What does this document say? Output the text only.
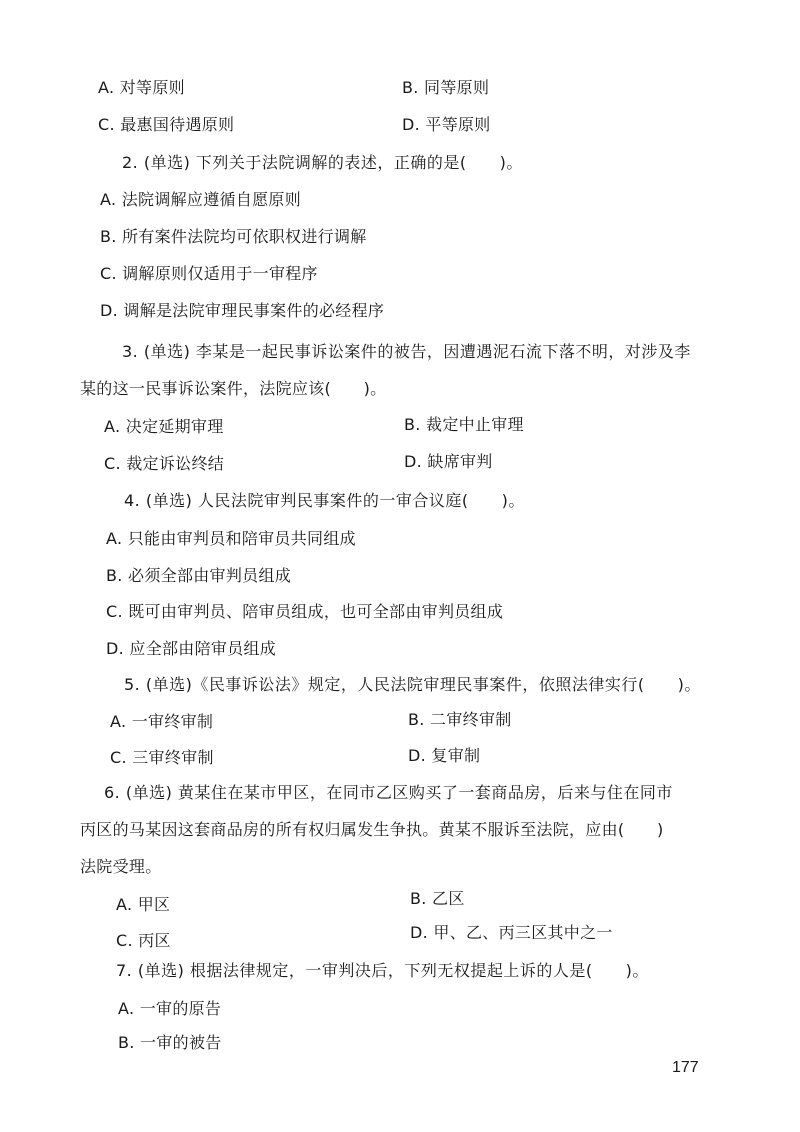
A. 对等原则	B. 同等原则
C. 最惠国待遇原则	D. 平等原则
2. (单选) 下列关于法院调解的表述，正确的是(　　)。
A. 法院调解应遵循自愿原则
B. 所有案件法院均可依职权进行调解
C. 调解原则仅适用于一审程序
D. 调解是法院审理民事案件的必经程序
3. (单选) 李某是一起民事诉讼案件的被告，因遭遇泥石流下落不明，对涉及李
某的这一民事诉讼案件，法院应该(　　)。
A. 决定延期审理	B. 裁定中止审理
C. 裁定诉讼终结	D. 缺席审判
4. (单选) 人民法院审判民事案件的一审合议庭(　　)。
A. 只能由审判员和陪审员共同组成
B. 必须全部由审判员组成
C. 既可由审判员、陪审员组成，也可全部由审判员组成
D. 应全部由陪审员组成
5. (单选)《民事诉讼法》规定，人民法院审理民事案件，依照法律实行(　　)。
A. 一审终审制	B. 二审终审制
C. 三审终审制	D. 复审制
6. (单选) 黄某住在某市甲区，在同市乙区购买了一套商品房，后来与住在同市
丙区的马某因这套商品房的所有权归属发生争执。黄某不服诉至法院，应由(　　)
法院受理。
A. 甲区	B. 乙区
C. 丙区	D. 甲、乙、丙三区其中之一
7. (单选) 根据法律规定，一审判决后，下列无权提起上诉的人是(　　)。
A. 一审的原告
B. 一审的被告
177
